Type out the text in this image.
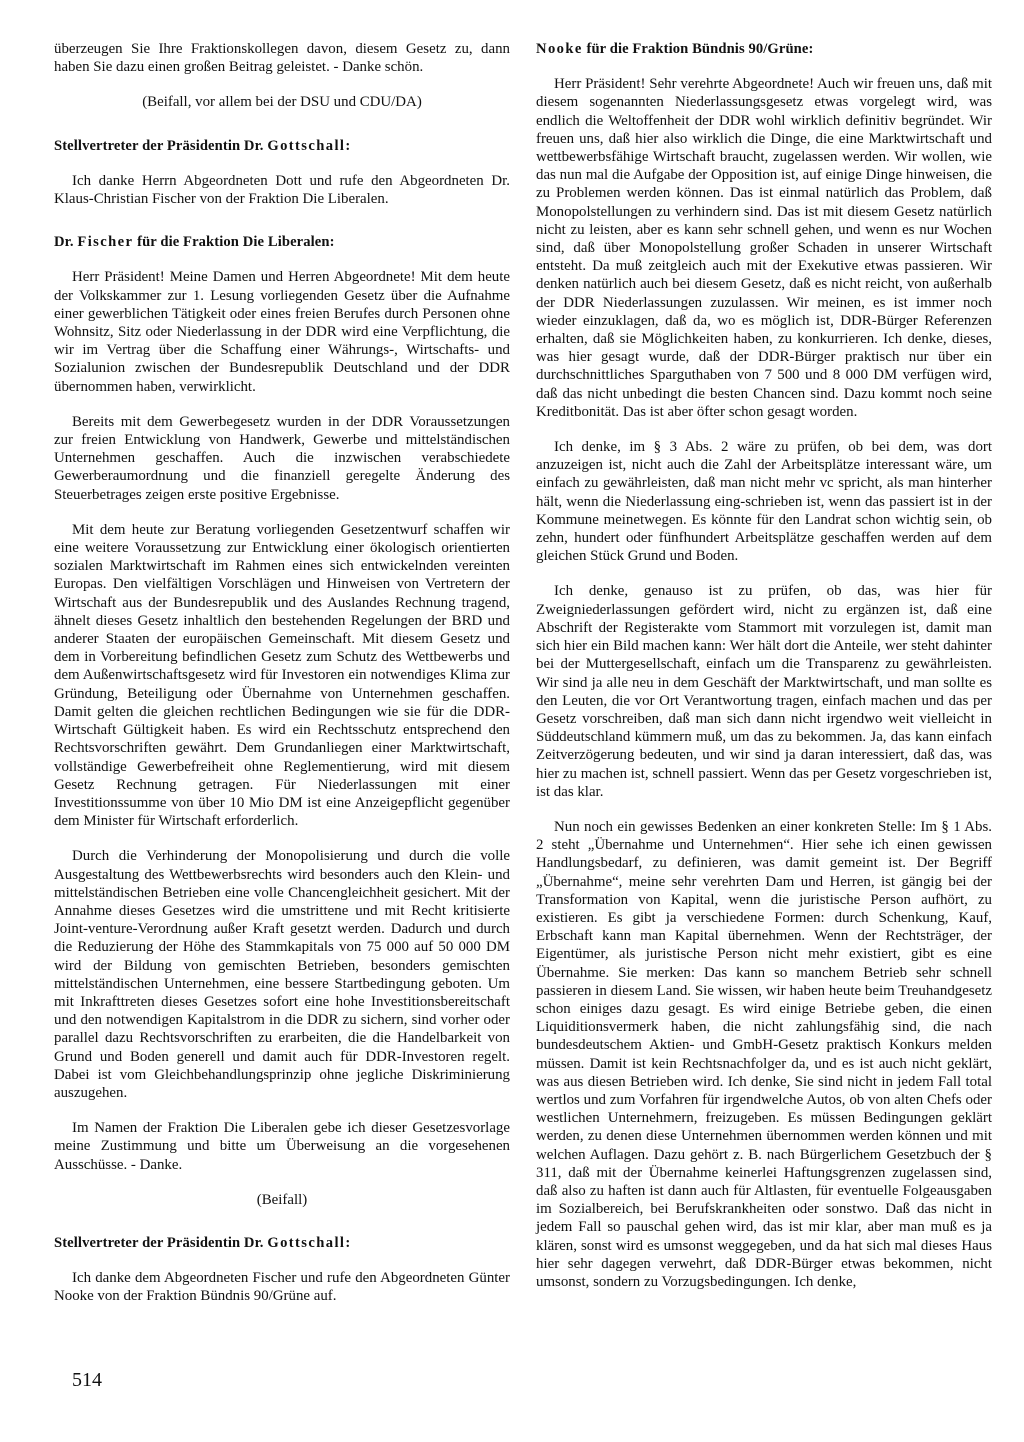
überzeugen Sie Ihre Fraktionskollegen davon, diesem Gesetz zu, dann haben Sie dazu einen großen Beitrag geleistet. - Danke schön.

(Beifall, vor allem bei der DSU und CDU/DA)

Stellvertreter der Präsidentin Dr. Gottschall:

Ich danke Herrn Abgeordneten Dott und rufe den Abgeordneten Dr. Klaus-Christian Fischer von der Fraktion Die Liberalen.

Dr. Fischer für die Fraktion Die Liberalen:

Herr Präsident! Meine Damen und Herren Abgeordnete! Mit dem heute der Volkskammer zur 1. Lesung vorliegenden Gesetz über die Aufnahme einer gewerblichen Tätigkeit oder eines freien Berufes durch Personen ohne Wohnsitz, Sitz oder Niederlassung in der DDR wird eine Verpflichtung, die wir im Vertrag über die Schaffung einer Währungs-, Wirtschafts- und Sozialunion zwischen der Bundesrepublik Deutschland und der DDR übernommen haben, verwirklicht.

Bereits mit dem Gewerbegesetz wurden in der DDR Voraussetzungen zur freien Entwicklung von Handwerk, Gewerbe und mittelständischen Unternehmen geschaffen. Auch die inzwischen verabschiedete Gewerberaumordnung und die finanziell geregelte Änderung des Steuerbetrages zeigen erste positive Ergebnisse.

Mit dem heute zur Beratung vorliegenden Gesetzentwurf schaffen wir eine weitere Voraussetzung zur Entwicklung einer ökologisch orientierten sozialen Marktwirtschaft im Rahmen eines sich entwickelnden vereinten Europas. Den vielfältigen Vorschlägen und Hinweisen von Vertretern der Wirtschaft aus der Bundesrepublik und des Auslandes Rechnung tragend, ähnelt dieses Gesetz inhaltlich den bestehenden Regelungen der BRD und anderer Staaten der europäischen Gemeinschaft. Mit diesem Gesetz und dem in Vorbereitung befindlichen Gesetz zum Schutz des Wettbewerbs und dem Außenwirtschaftsgesetz wird für Investoren ein notwendiges Klima zur Gründung, Beteiligung oder Übernahme von Unternehmen geschaffen. Damit gelten die gleichen rechtlichen Bedingungen wie sie für die DDR-Wirtschaft Gültigkeit haben. Es wird ein Rechtsschutz entsprechend den Rechtsvorschriften gewährt. Dem Grundanliegen einer Marktwirtschaft, vollständige Gewerbefreiheit ohne Reglementierung, wird mit diesem Gesetz Rechnung getragen. Für Niederlassungen mit einer Investitionssumme von über 10 Mio DM ist eine Anzeigepflicht gegenüber dem Minister für Wirtschaft erforderlich.

Durch die Verhinderung der Monopolisierung und durch die volle Ausgestaltung des Wettbewerbsrechts wird besonders auch den Klein- und mittelständischen Betrieben eine volle Chancengleichheit gesichert. Mit der Annahme dieses Gesetzes wird die umstrittene und mit Recht kritisierte Joint-venture-Verordnung außer Kraft gesetzt werden. Dadurch und durch die Reduzierung der Höhe des Stammkapitals von 75 000 auf 50 000 DM wird der Bildung von gemischten Betrieben, besonders gemischten mittelständischen Unternehmen, eine bessere Startbedingung geboten. Um mit Inkrafttreten dieses Gesetzes sofort eine hohe Investitionsbereitschaft und den notwendigen Kapitalstrom in die DDR zu sichern, sind vorher oder parallel dazu Rechtsvorschriften zu erarbeiten, die die Handelbarkeit von Grund und Boden generell und damit auch für DDR-Investoren regelt. Dabei ist vom Gleichbehandlungsprinzip ohne jegliche Diskriminierung auszugehen.

Im Namen der Fraktion Die Liberalen gebe ich dieser Gesetzesvorlage meine Zustimmung und bitte um Überweisung an die vorgesehenen Ausschüsse. - Danke.

(Beifall)

Stellvertreter der Präsidentin Dr. Gottschall:

Ich danke dem Abgeordneten Fischer und rufe den Abgeordneten Günter Nooke von der Fraktion Bündnis 90/Grüne auf.

Nooke für die Fraktion Bündnis 90/Grüne:

Herr Präsident! Sehr verehrte Abgeordnete! Auch wir freuen uns, daß mit diesem sogenannten Niederlassungsgesetz etwas vorgelegt wird, was endlich die Weltoffenheit der DDR wohl wirklich definitiv begründet. Wir freuen uns, daß hier also wirklich die Dinge, die eine Marktwirtschaft und wettbewerbsfähige Wirtschaft braucht, zugelassen werden. Wir wollen, wie das nun mal die Aufgabe der Opposition ist, auf einige Dinge hinweisen, die zu Problemen werden können. Das ist einmal natürlich das Problem, daß Monopolstellungen zu verhindern sind. Das ist mit diesem Gesetz natürlich nicht zu leisten, aber es kann sehr schnell gehen, und wenn es nur Wochen sind, daß über Monopolstellung großer Schaden in unserer Wirtschaft entsteht. Da muß zeitgleich auch mit der Exekutive etwas passieren. Wir denken natürlich auch bei diesem Gesetz, daß es nicht reicht, von außerhalb der DDR Niederlassungen zuzulassen. Wir meinen, es ist immer noch wieder einzuklagen, daß da, wo es möglich ist, DDR-Bürger Referenzen erhalten, daß sie Möglichkeiten haben, zu konkurrieren. Ich denke, dieses, was hier gesagt wurde, daß der DDR-Bürger praktisch nur über ein durchschnittliches Sparguthaben von 7 500 und 8 000 DM verfügen wird, daß das nicht unbedingt die besten Chancen sind. Dazu kommt noch seine Kreditbonität. Das ist aber öfter schon gesagt worden.

Ich denke, im § 3 Abs. 2 wäre zu prüfen, ob bei dem, was dort anzuzeigen ist, nicht auch die Zahl der Arbeitsplätze interessant wäre, um einfach zu gewährleisten, daß man nicht mehr vc spricht, als man hinterher hält, wenn die Niederlassung eing-schrieben ist, wenn das passiert ist in der Kommune meinetwegen. Es könnte für den Landrat schon wichtig sein, ob zehn, hundert oder fünfhundert Arbeitsplätze geschaffen werden auf dem gleichen Stück Grund und Boden.

Ich denke, genauso ist zu prüfen, ob das, was hier für Zweigniederlassungen gefördert wird, nicht zu ergänzen ist, daß eine Abschrift der Registerakte vom Stammort mit vorzulegen ist, damit man sich hier ein Bild machen kann: Wer hält dort die Anteile, wer steht dahinter bei der Muttergesellschaft, einfach um die Transparenz zu gewährleisten. Wir sind ja alle neu in dem Geschäft der Marktwirtschaft, und man sollte es den Leuten, die vor Ort Verantwortung tragen, einfach machen und das per Gesetz vorschreiben, daß man sich dann nicht irgendwo weit vielleicht in Süddeutschland kümmern muß, um das zu bekommen. Ja, das kann einfach Zeitverzögerung bedeuten, und wir sind ja daran interessiert, daß das, was hier zu machen ist, schnell passiert. Wenn das per Gesetz vorgeschrieben ist, ist das klar.

Nun noch ein gewisses Bedenken an einer konkreten Stelle: Im § 1 Abs. 2 steht „Übernahme und Unternehmen“. Hier sehe ich einen gewissen Handlungsbedarf, zu definieren, was damit gemeint ist. Der Begriff „Übernahme“, meine sehr verehrten Dam und Herren, ist gängig bei der Transformation von Kapital, wenn die juristische Person aufhört, zu existieren. Es gibt ja verschiedene Formen: durch Schenkung, Kauf, Erbschaft kann man Kapital übernehmen. Wenn der Rechtsträger, der Eigentümer, als juristische Person nicht mehr existiert, gibt es eine Übernahme. Sie merken: Das kann so manchem Betrieb sehr schnell passieren in diesem Land. Sie wissen, wir haben heute beim Treuhandgesetz schon einiges dazu gesagt. Es wird einige Betriebe geben, die einen Liquiditionsvermerk haben, die nicht zahlungsfähig sind, die nach bundesdeutschem Aktien- und GmbH-Gesetz praktisch Konkurs melden müssen. Damit ist kein Rechtsnachfolger da, und es ist auch nicht geklärt, was aus diesen Betrieben wird. Ich denke, Sie sind nicht in jedem Fall total wertlos und zum Vorfahren für irgendwelche Autos, ob von alten Chefs oder westlichen Unternehmern, freizugeben. Es müssen Bedingungen geklärt werden, zu denen diese Unternehmen übernommen werden können und mit welchen Auflagen. Dazu gehört z. B. nach Bürgerlichem Gesetzbuch der § 311, daß mit der Übernahme keinerlei Haftungsgrenzen zugelassen sind, daß also zu haften ist dann auch für Altlasten, für eventuelle Folgeausgaben im Sozialbereich, bei Berufskrankheiten oder sonstwo. Daß das nicht in jedem Fall so pauschal gehen wird, das ist mir klar, aber man muß es ja klären, sonst wird es umsonst weggegeben, und da hat sich mal dieses Haus hier sehr dagegen verwehrt, daß DDR-Bürger etwas bekommen, nicht umsonst, sondern zu Vorzugsbedingungen. Ich denke,

514
